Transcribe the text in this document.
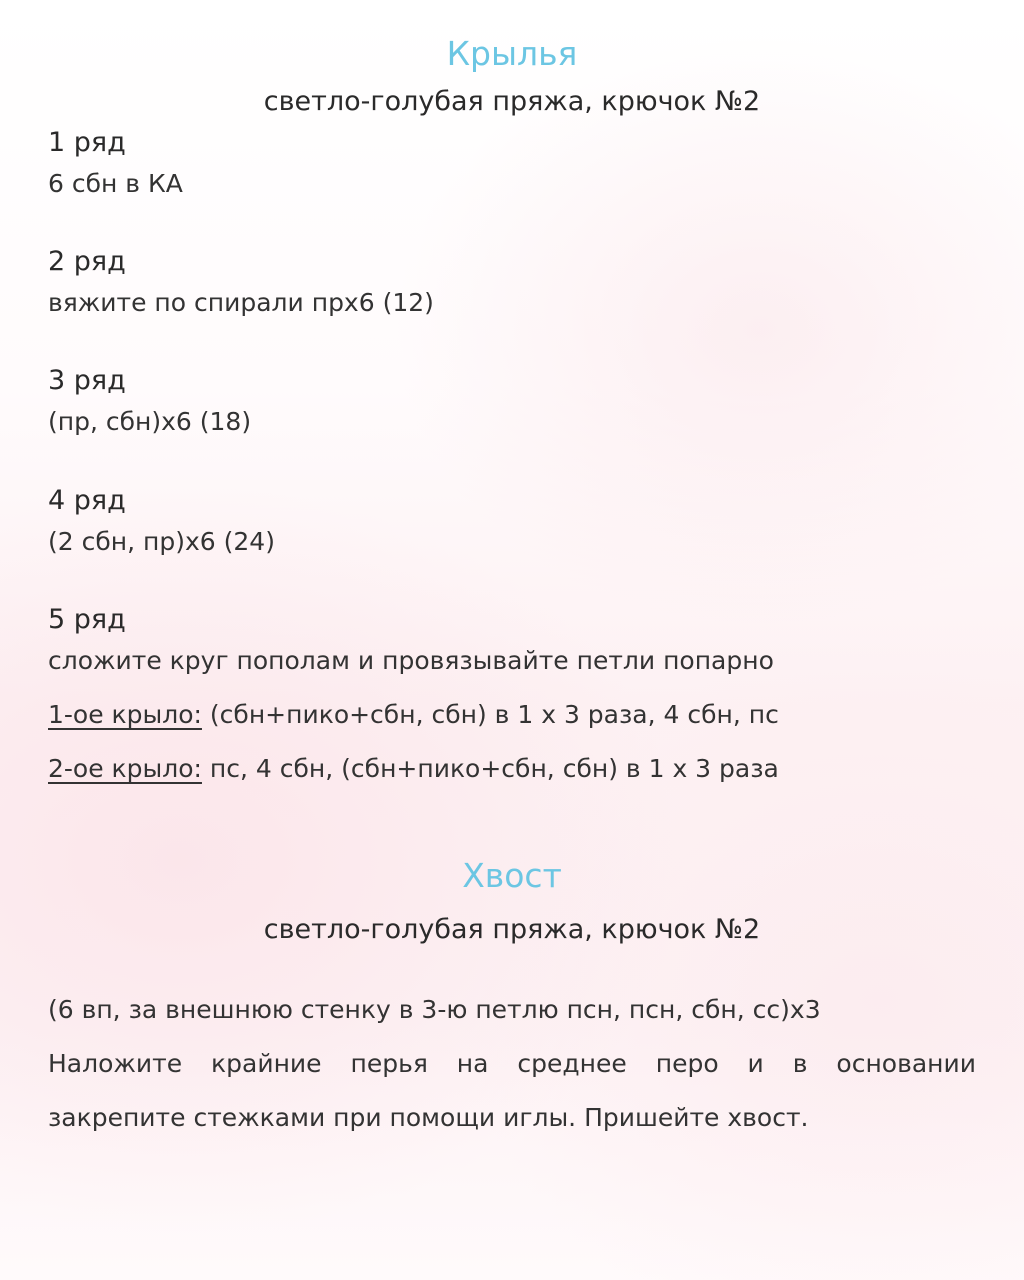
Крылья

светло-голубая пряжа, крючок №2

1 ряд

6 сбн в КА

2 ряд

вяжите по спирали прх6 (12)

3 ряд

(пр, сбн)х6 (18)

4 ряд

(2 сбн, пр)х6 (24)

5 ряд

сложите круг пополам и провязывайте петли попарно

1-ое крыло: (сбн+пико+сбн, сбн) в 1 х 3 раза, 4 сбн, пс

2-ое крыло: пс, 4 сбн, (сбн+пико+сбн, сбн) в 1 х 3 раза

Хвост

светло-голубая пряжа, крючок №2

(6 вп, за внешнюю стенку в 3-ю петлю псн, псн, сбн, сс)х3

Наложите крайние перья на среднее перо и в основании

закрепите стежками при помощи иглы. Пришейте хвост.
